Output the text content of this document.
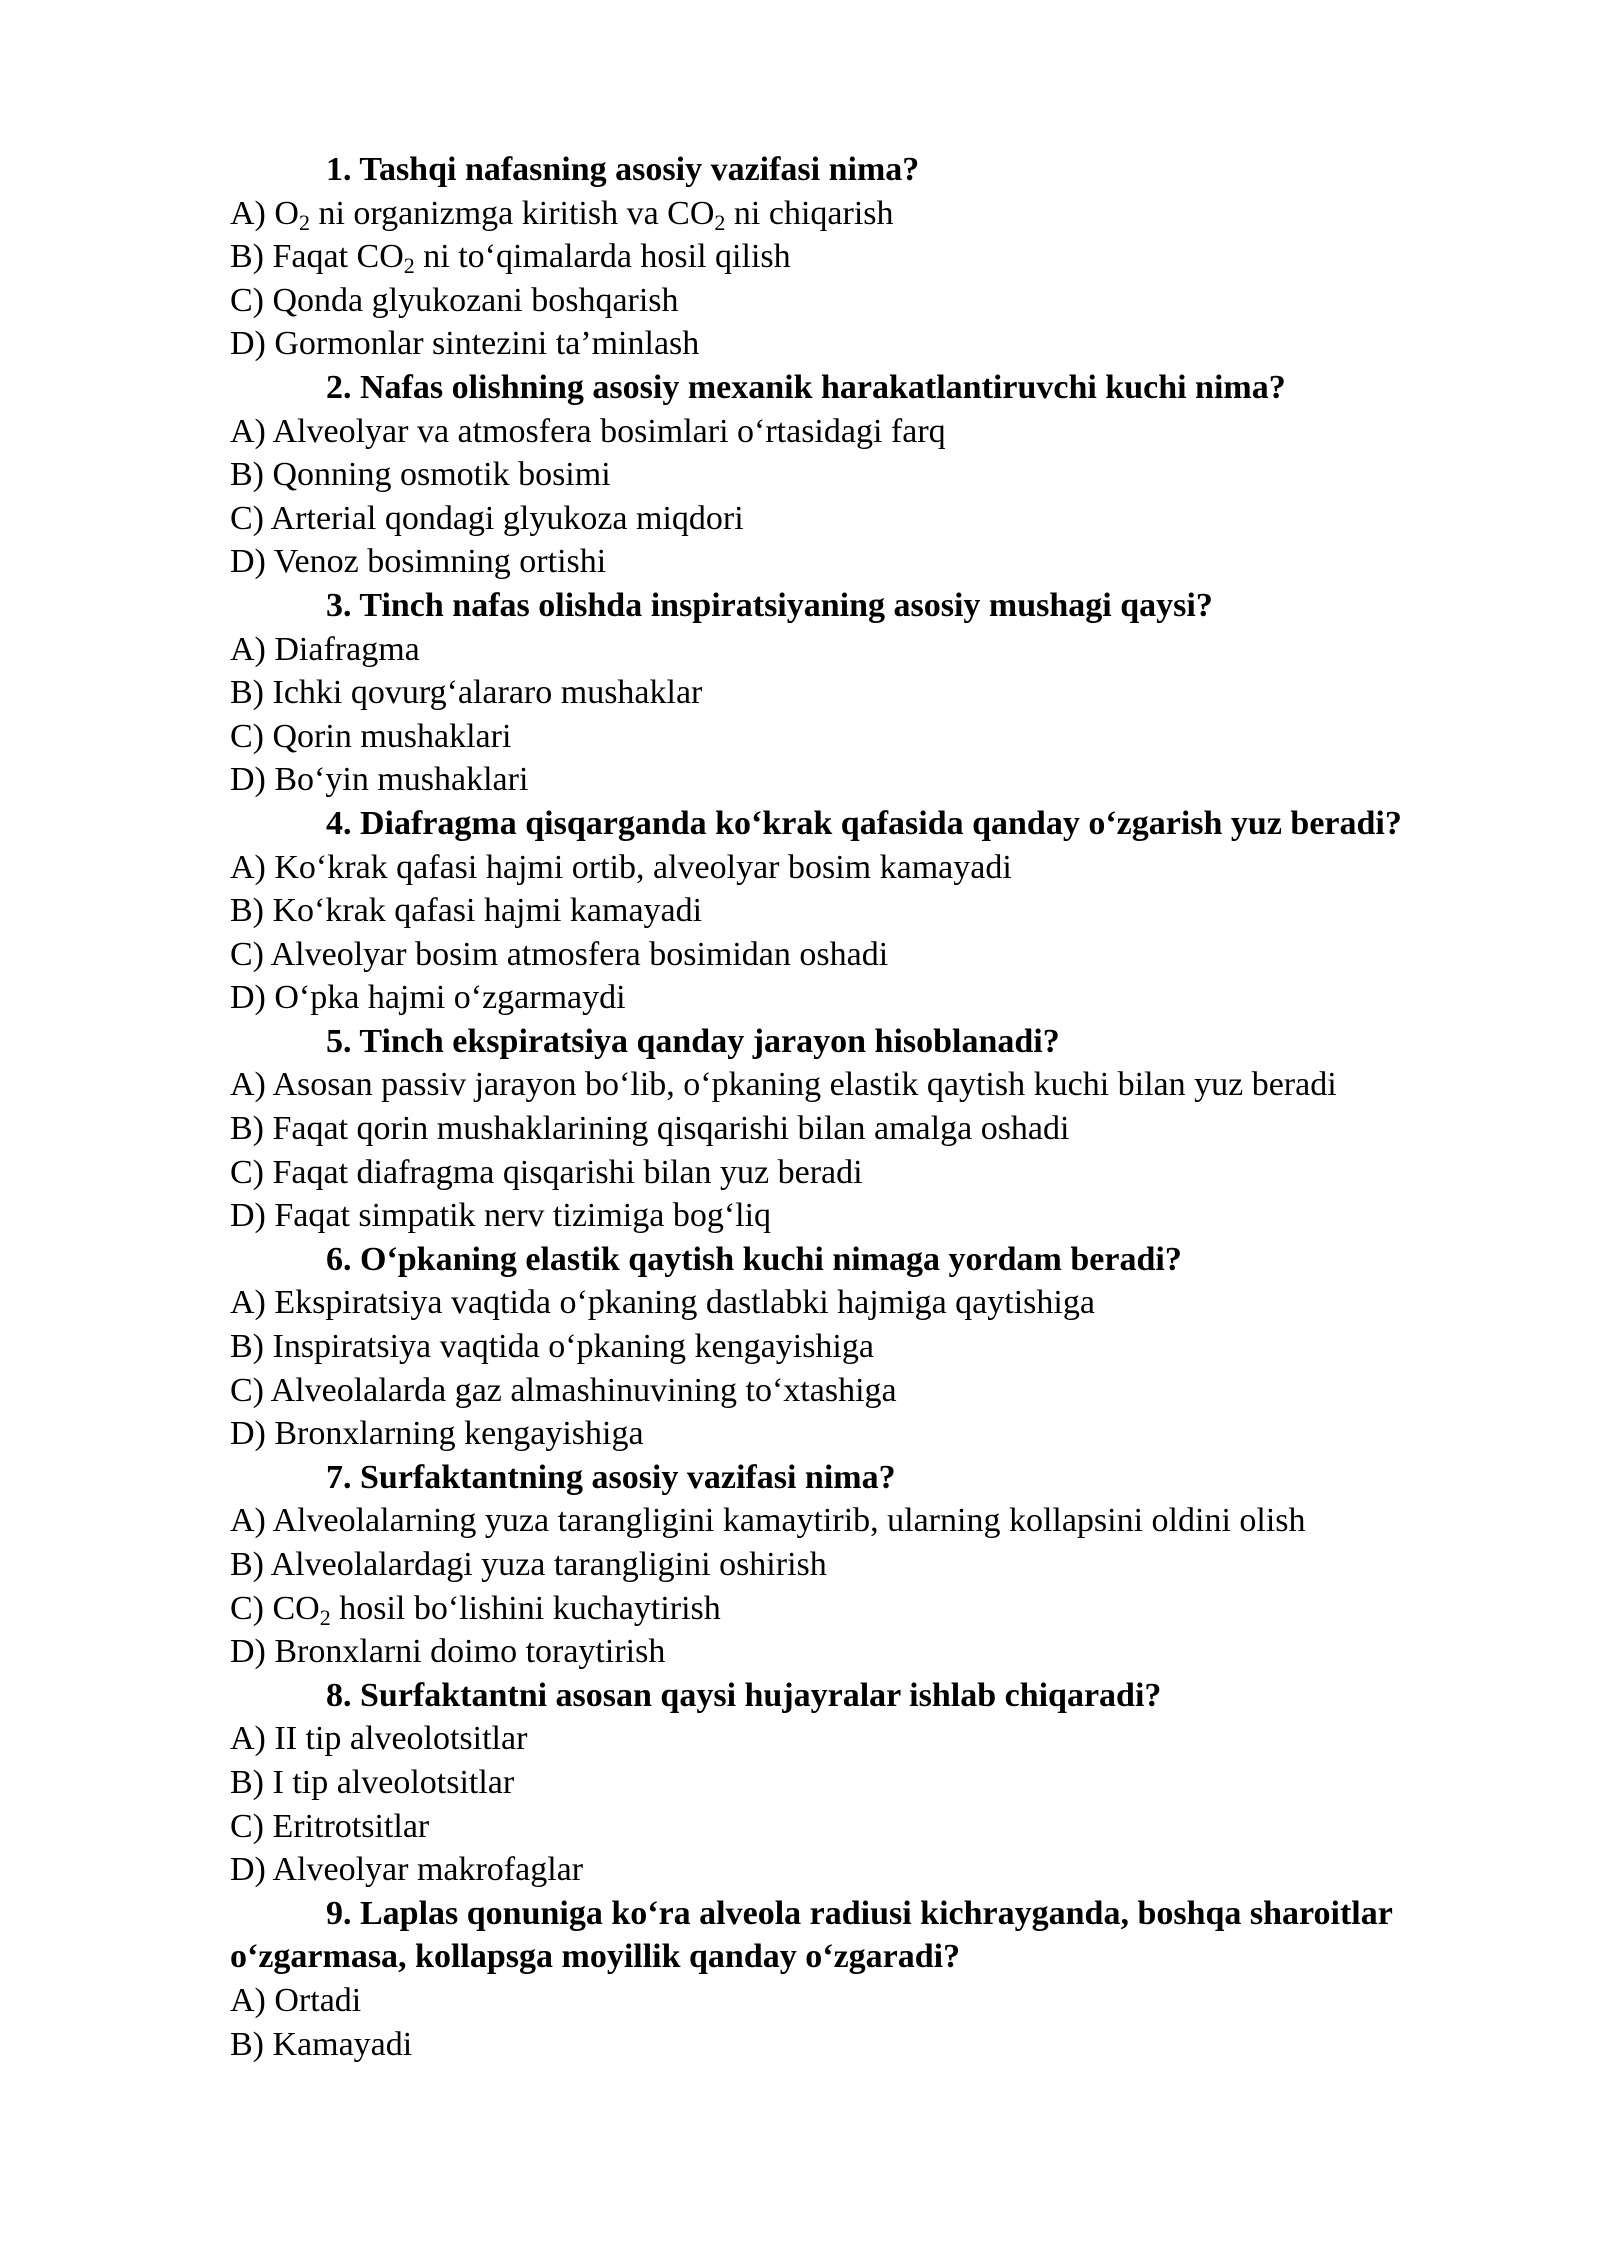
1. Tashqi nafasning asosiy vazifasi nima?

A) $O_2$ ni organizmga kiritish va $CO_2$ ni chiqarish

B) Faqat $CO_2$ ni to‘qimalarda hosil qilish

C) Qonda glyukozani boshqarish

D) Gormonlar sintezini ta’minlash

2. Nafas olishning asosiy mexanik harakatlantiruvchi kuchi nima?

A) Alveolyar va atmosfera bosimlari o‘rtasidagi farq

B) Qonning osmotik bosimi

C) Arterial qondagi glyukoza miqdori

D) Venoz bosimning ortishi

3. Tinch nafas olishda inspiratsiyaning asosiy mushagi qaysi?

A) Diafragma

B) Ichki qovurg‘alararo mushaklar

C) Qorin mushaklari

D) Bo‘yin mushaklari

4. Diafragma qisqarganda ko‘krak qafasida qanday o‘zgarish yuz beradi?

A) Ko‘krak qafasi hajmi ortib, alveolyar bosim kamayadi

B) Ko‘krak qafasi hajmi kamayadi

C) Alveolyar bosim atmosfera bosimidan oshadi

D) O‘pka hajmi o‘zgarmaydi

5. Tinch ekspiratsiya qanday jarayon hisoblanadi?

A) Asosan passiv jarayon bo‘lib, o‘pkaning elastik qaytish kuchi bilan yuz beradi

B) Faqat qorin mushaklarining qisqarishi bilan amalga oshadi

C) Faqat diafragma qisqarishi bilan yuz beradi

D) Faqat simpatik nerv tizimiga bog‘liq

6. O‘pkaning elastik qaytish kuchi nimaga yordam beradi?

A) Ekspiratsiya vaqtida o‘pkaning dastlabki hajmiga qaytishiga

B) Inspiratsiya vaqtida o‘pkaning kengayishiga

C) Alveolalarda gaz almashinuvining to‘xtashiga

D) Bronxlarning kengayishiga

7. Surfaktantning asosiy vazifasi nima?

A) Alveolalarning yuza tarangligini kamaytirib, ularning kollapsini oldini olish

B) Alveolalardagi yuza tarangligini oshirish

C) $CO_2$ hosil bo‘lishini kuchaytirish

D) Bronxlarni doimo toraytirish

8. Surfaktantni asosan qaysi hujayralar ishlab chiqaradi?

A) II tip alveolotsitlar

B) I tip alveolotsitlar

C) Eritrotsitlar

D) Alveolyar makrofaglar

9. Laplas qonuniga ko‘ra alveola radiusi kichrayganda, boshqa sharoitlar o‘zgarmasa, kollapsga moyillik qanday o‘zgaradi?

A) Ortadi

B) Kamayadi
